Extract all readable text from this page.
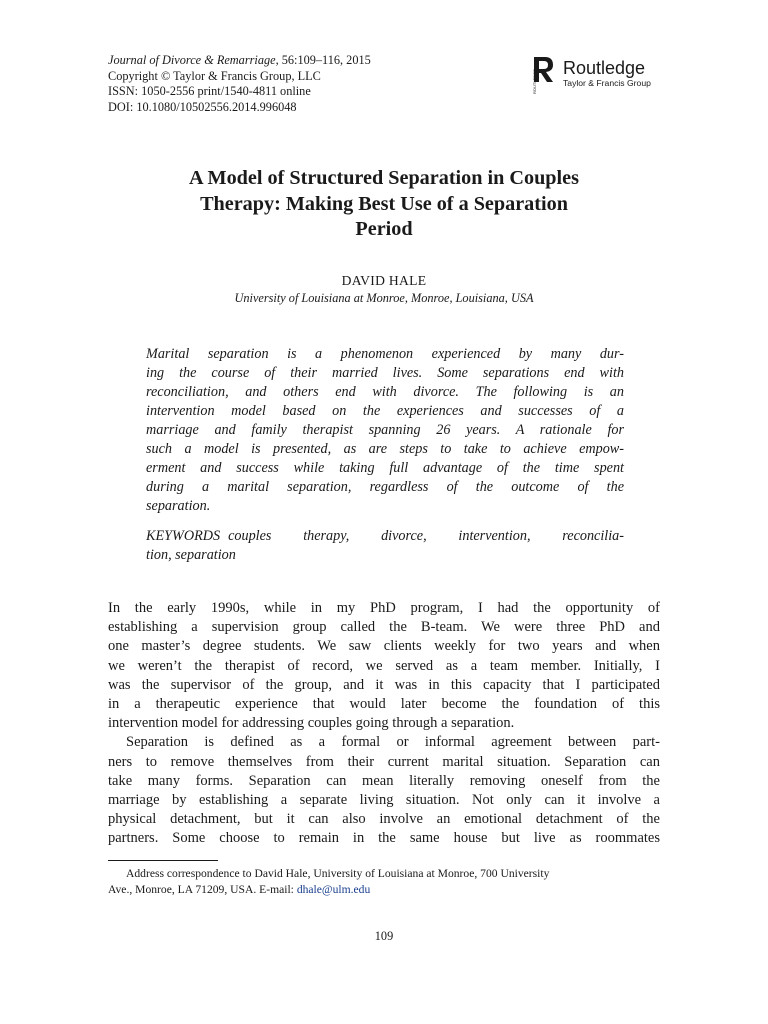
Journal of Divorce & Remarriage, 56:109–116, 2015
Copyright © Taylor & Francis Group, LLC
ISSN: 1050-2556 print/1540-4811 online
DOI: 10.1080/10502556.2014.996048
ROUTLEDGE
Routledge
Taylor & Francis Group
A Model of Structured Separation in Couples
Therapy: Making Best Use of a Separation
Period
DAVID HALE
University of Louisiana at Monroe, Monroe, Louisiana, USA
Marital separation is a phenomenon experienced by many dur-
ing the course of their married lives. Some separations end with
reconciliation, and others end with divorce. The following is an
intervention model based on the experiences and successes of a
marriage and family therapist spanning 26 years. A rationale for
such a model is presented, as are steps to take to achieve empow-
erment and success while taking full advantage of the time spent
during a marital separation, regardless of the outcome of the
separation.
KEYWORDS couples therapy, divorce, intervention, reconcilia-
tion, separation
In the early 1990s, while in my PhD program, I had the opportunity of
establishing a supervision group called the B-team. We were three PhD and
one master’s degree students. We saw clients weekly for two years and when
we weren’t the therapist of record, we served as a team member. Initially, I
was the supervisor of the group, and it was in this capacity that I participated
in a therapeutic experience that would later become the foundation of this
intervention model for addressing couples going through a separation.
Separation is defined as a formal or informal agreement between part-
ners to remove themselves from their current marital situation. Separation can
take many forms. Separation can mean literally removing oneself from the
marriage by establishing a separate living situation. Not only can it involve a
physical detachment, but it can also involve an emotional detachment of the
partners. Some choose to remain in the same house but live as roommates
Address correspondence to David Hale, University of Louisiana at Monroe, 700 University
Ave., Monroe, LA 71209, USA. E-mail: dhale@ulm.edu
109
